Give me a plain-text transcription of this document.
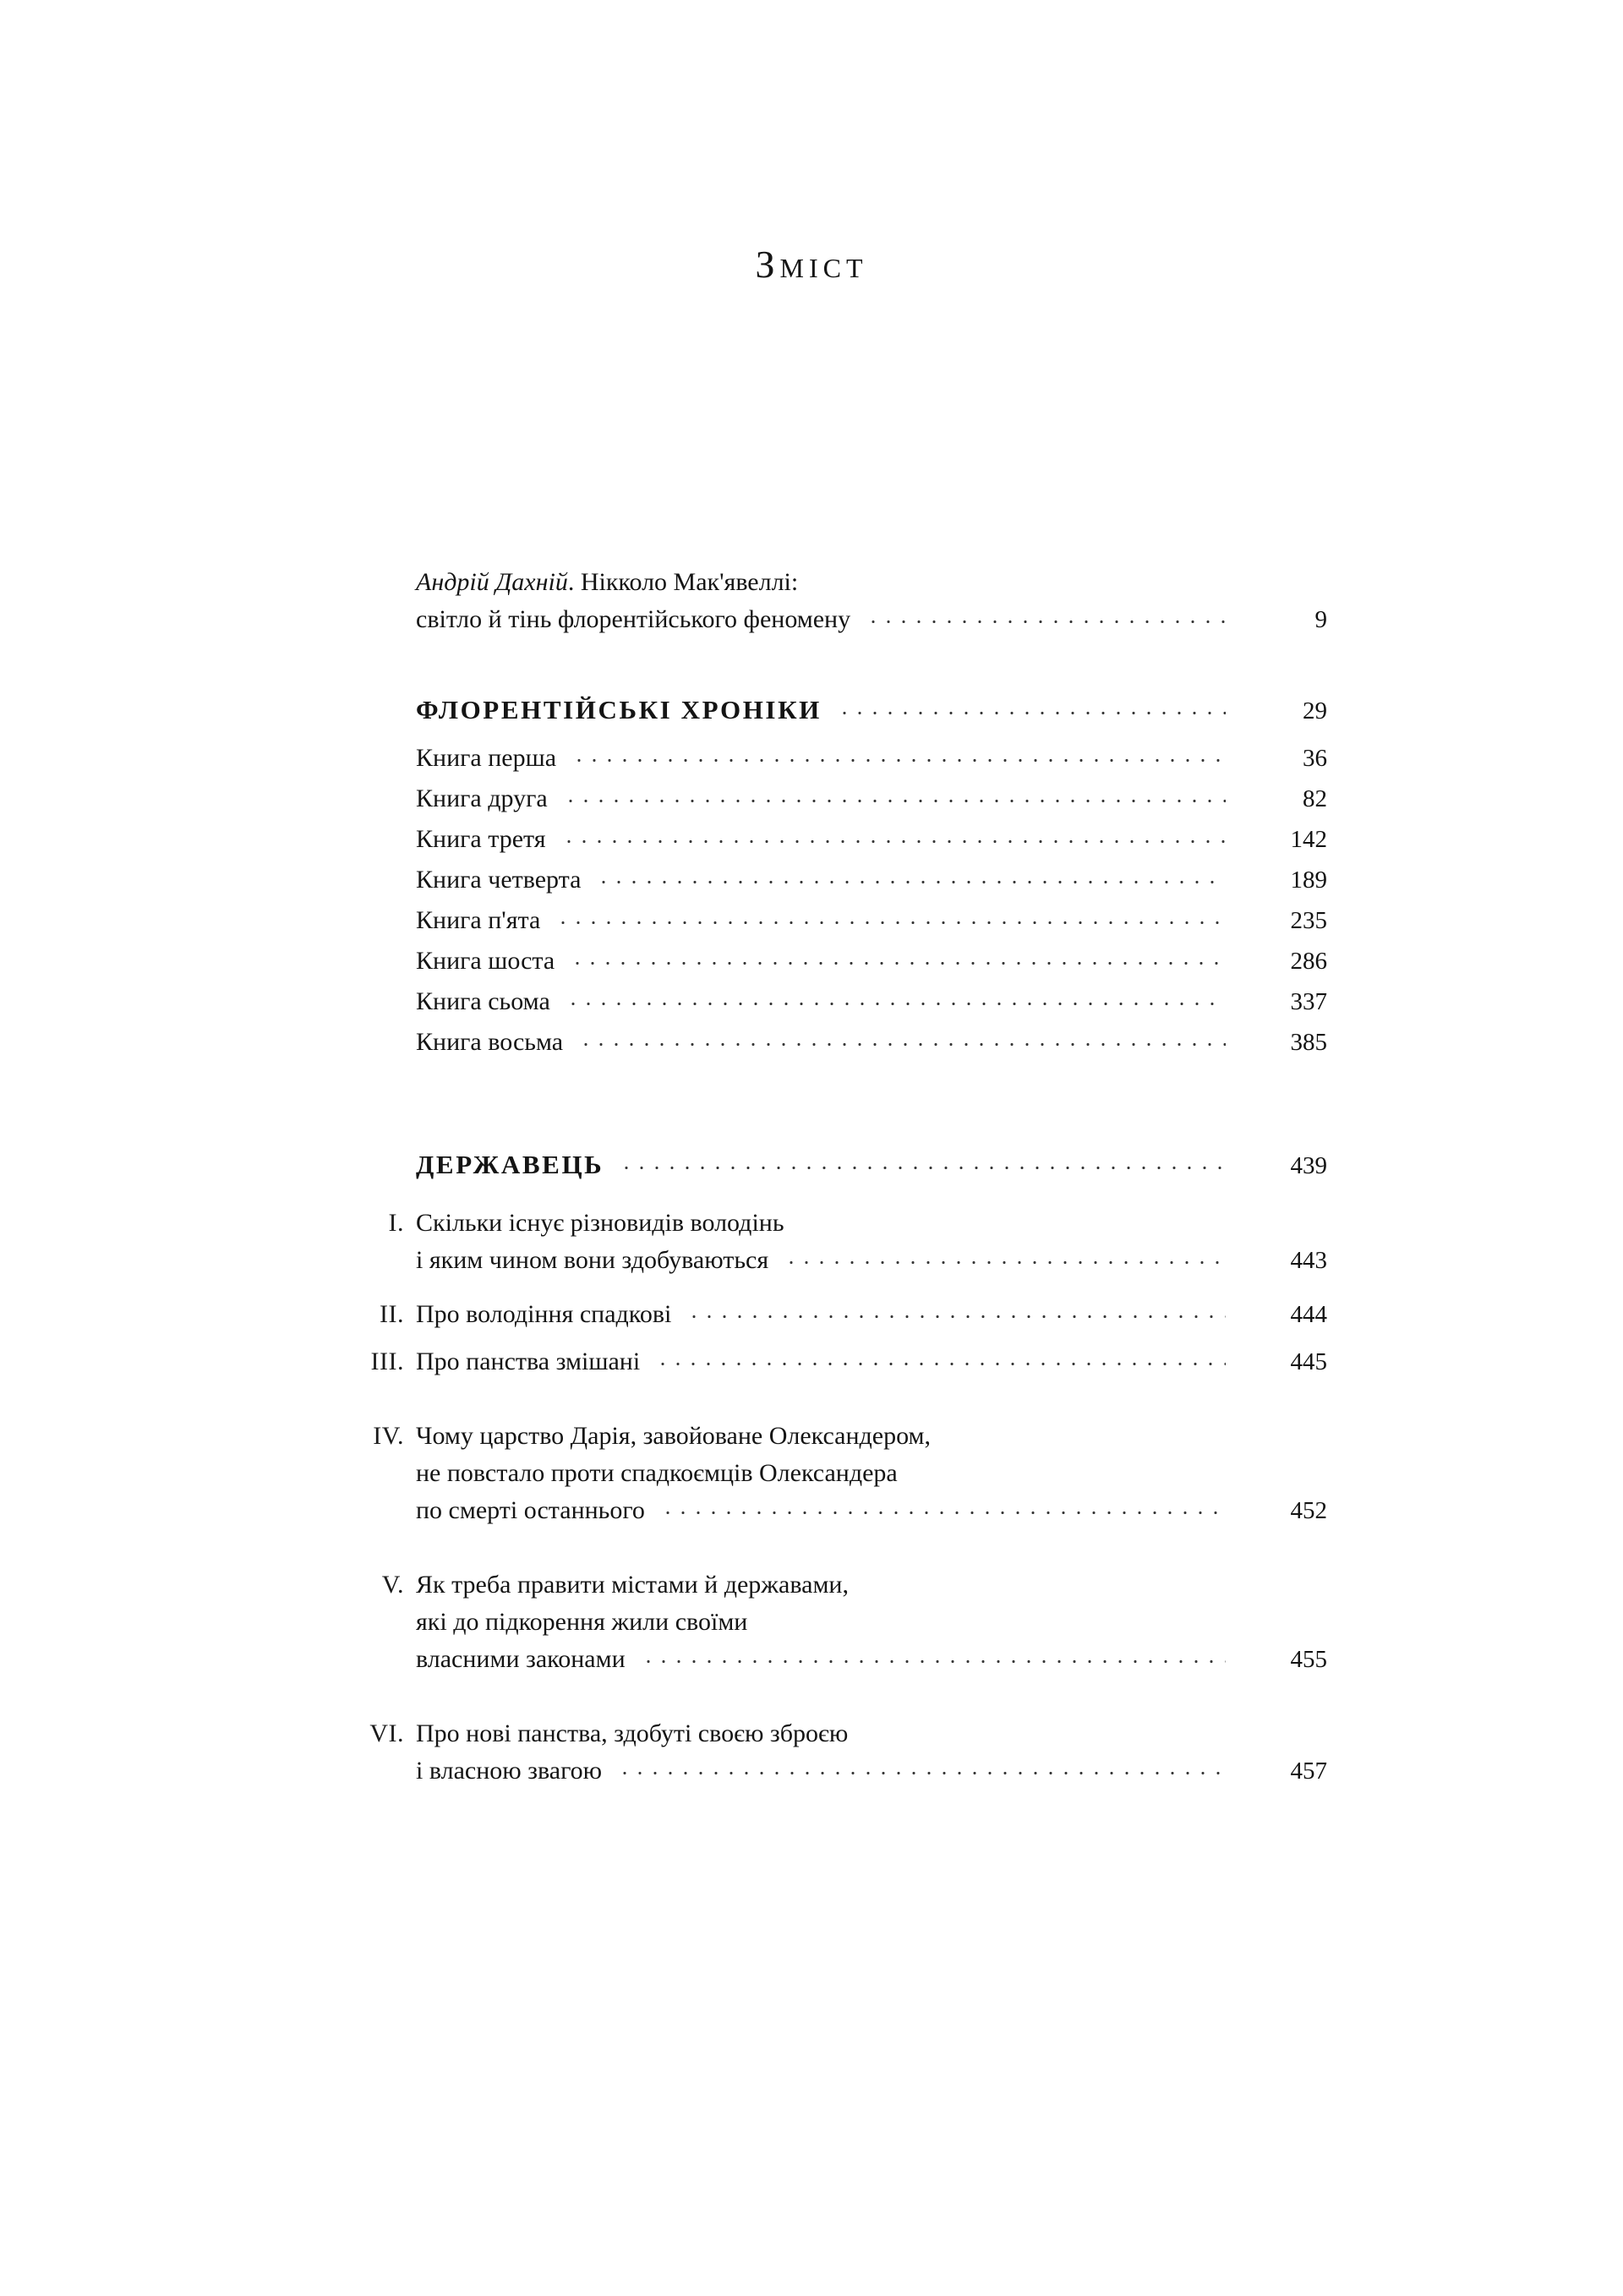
Зміст
Андрій Дахній. Нікколо Мак'явеллі:
світло й тінь флорентійського феномену	9
ФЛОРЕНТІЙСЬКІ ХРОНІКИ	29
Книга перша	36
Книга друга	82
Книга третя	142
Книга четверта	189
Книга п'ята	235
Книга шоста	286
Книга сьома	337
Книга восьма	385
ДЕРЖАВЕЦЬ	439
I. Скільки існує різновидів володінь
і яким чином вони здобуваються	443
II. Про володіння спадкові	444
III. Про панства змішані	445
IV. Чому царство Дарія, завойоване Олександером,
не повстало проти спадкоємців Олександера
по смерті останнього	452
V. Як треба правити містами й державами,
які до підкорення жили своїми
власними законами	455
VI. Про нові панства, здобуті своєю зброєю
і власною звагою	457
